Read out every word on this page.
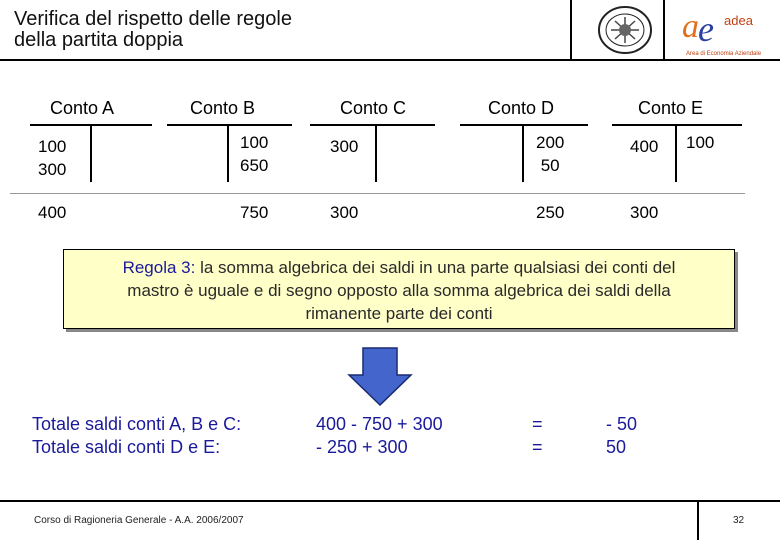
Verifica del rispetto delle regole
della partita doppia	a e adea
Area di Economia Aziendale
Conto A
100
300
400
Conto B
100
650
750
Conto C
300
300
Conto D
200
50
250
Conto E
400 100
300
Regola 3: la somma algebrica dei saldi in una parte qualsiasi dei conti del
mastro è uguale e di segno opposto alla somma algebrica dei saldi della
rimanente parte dei conti
Totale saldi conti A, B e C:
Totale saldi conti D e E:
400 - 750 + 300
- 250 + 300
=
=
- 50
50
Corso di Ragioneria Generale - A.A. 2006/2007	32
